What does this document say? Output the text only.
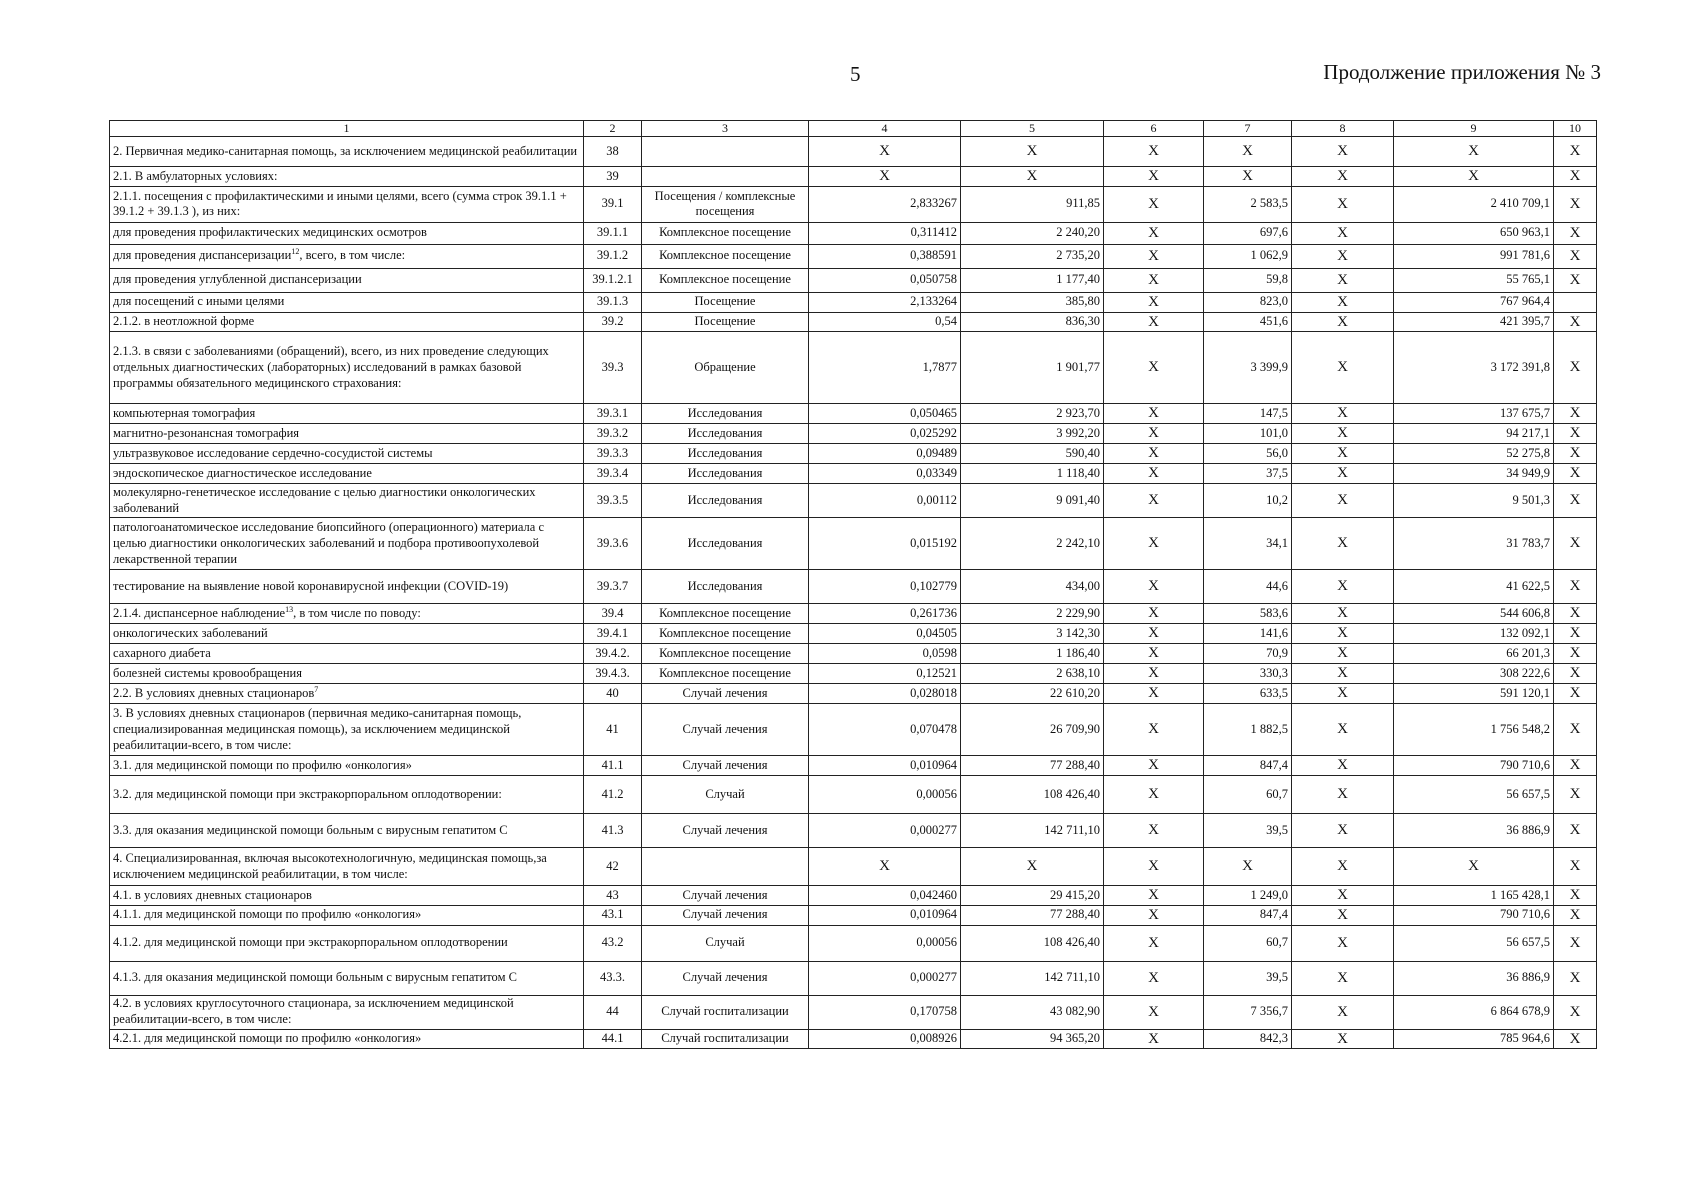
5	Продолжение приложения № 3
1	2	3	4	5	6	7	8	9	10
2. Первичная медико-санитарная помощь, за исключением медицинской реабилитации	38		Х	Х	Х	Х	Х	Х	Х
2.1. В амбулаторных условиях:	39		Х	Х	Х	Х	Х	Х	Х
2.1.1. посещения с профилактическими и иными целями, всего (сумма строк 39.1.1 + 39.1.2 + 39.1.3 ), из них:	39.1	Посещения / комплексные посещения	2,833267	911,85	Х	2 583,5	Х	2 410 709,1	Х
для проведения профилактических медицинских осмотров	39.1.1	Комплексное посещение	0,311412	2 240,20	Х	697,6	Х	650 963,1	Х
для проведения диспансеризации$^{12}$, всего, в том числе:	39.1.2	Комплексное посещение	0,388591	2 735,20	Х	1 062,9	Х	991 781,6	Х
для проведения углубленной диспансеризации	39.1.2.1	Комплексное посещение	0,050758	1 177,40	Х	59,8	Х	55 765,1	Х
для посещений с иными целями	39.1.3	Посещение	2,133264	385,80	Х	823,0	Х	767 964,4	
2.1.2. в неотложной форме	39.2	Посещение	0,54	836,30	Х	451,6	Х	421 395,7	Х
2.1.3. в связи с заболеваниями (обращений), всего, из них проведение следующих отдельных диагностических (лабораторных) исследований в рамках базовой программы обязательного медицинского страхования:	39.3	Обращение	1,7877	1 901,77	Х	3 399,9	Х	3 172 391,8	Х
компьютерная томография	39.3.1	Исследования	0,050465	2 923,70	Х	147,5	Х	137 675,7	Х
магнитно-резонансная томография	39.3.2	Исследования	0,025292	3 992,20	Х	101,0	Х	94 217,1	Х
ультразвуковое исследование сердечно-сосудистой системы	39.3.3	Исследования	0,09489	590,40	Х	56,0	Х	52 275,8	Х
эндоскопическое диагностическое исследование	39.3.4	Исследования	0,03349	1 118,40	Х	37,5	Х	34 949,9	Х
молекулярно-генетическое исследование с целью диагностики онкологических заболеваний	39.3.5	Исследования	0,00112	9 091,40	Х	10,2	Х	9 501,3	Х
патологоанатомическое исследование биопсийного (операционного) материала с целью диагностики онкологических заболеваний и подбора противоопухолевой лекарственной терапии	39.3.6	Исследования	0,015192	2 242,10	Х	34,1	Х	31 783,7	Х
тестирование на выявление новой коронавирусной инфекции (COVID-19)	39.3.7	Исследования	0,102779	434,00	Х	44,6	Х	41 622,5	Х
2.1.4. диспансерное наблюдение$^{13}$, в том числе по поводу:	39.4	Комплексное посещение	0,261736	2 229,90	Х	583,6	Х	544 606,8	Х
онкологических заболеваний	39.4.1	Комплексное посещение	0,04505	3 142,30	Х	141,6	Х	132 092,1	Х
сахарного диабета	39.4.2.	Комплексное посещение	0,0598	1 186,40	Х	70,9	Х	66 201,3	Х
болезней системы кровообращения	39.4.3.	Комплексное посещение	0,12521	2 638,10	Х	330,3	Х	308 222,6	Х
2.2. В условиях дневных стационаров$^7$	40	Случай лечения	0,028018	22 610,20	Х	633,5	Х	591 120,1	Х
3. В условиях дневных стационаров (первичная медико-санитарная помощь, специализированная медицинская помощь), за исключением медицинской реабилитации-всего, в том числе:	41	Случай лечения	0,070478	26 709,90	Х	1 882,5	Х	1 756 548,2	Х
3.1. для медицинской помощи по профилю «онкология»	41.1	Случай лечения	0,010964	77 288,40	Х	847,4	Х	790 710,6	Х
3.2. для медицинской помощи при экстракорпоральном оплодотворении:	41.2	Случай	0,00056	108 426,40	Х	60,7	Х	56 657,5	Х
3.3. для оказания медицинской помощи больным с вирусным гепатитом С	41.3	Случай лечения	0,000277	142 711,10	Х	39,5	Х	36 886,9	Х
4. Специализированная, включая высокотехнологичную, медицинская помощь,за исключением медицинской реабилитации, в том числе:	42		Х	Х	Х	Х	Х	Х	Х
4.1. в условиях дневных стационаров	43	Случай лечения	0,042460	29 415,20	Х	1 249,0	Х	1 165 428,1	Х
4.1.1. для медицинской помощи по профилю «онкология»	43.1	Случай лечения	0,010964	77 288,40	Х	847,4	Х	790 710,6	Х
4.1.2. для медицинской помощи при экстракорпоральном оплодотворении	43.2	Случай	0,00056	108 426,40	Х	60,7	Х	56 657,5	Х
4.1.3. для оказания медицинской помощи больным с вирусным гепатитом С	43.3.	Случай лечения	0,000277	142 711,10	Х	39,5	Х	36 886,9	Х
4.2. в условиях круглосуточного стационара, за исключением медицинской реабилитации-всего, в том числе:	44	Случай госпитализации	0,170758	43 082,90	Х	7 356,7	Х	6 864 678,9	Х
4.2.1. для медицинской помощи по профилю «онкология»	44.1	Случай госпитализации	0,008926	94 365,20	Х	842,3	Х	785 964,6	Х
